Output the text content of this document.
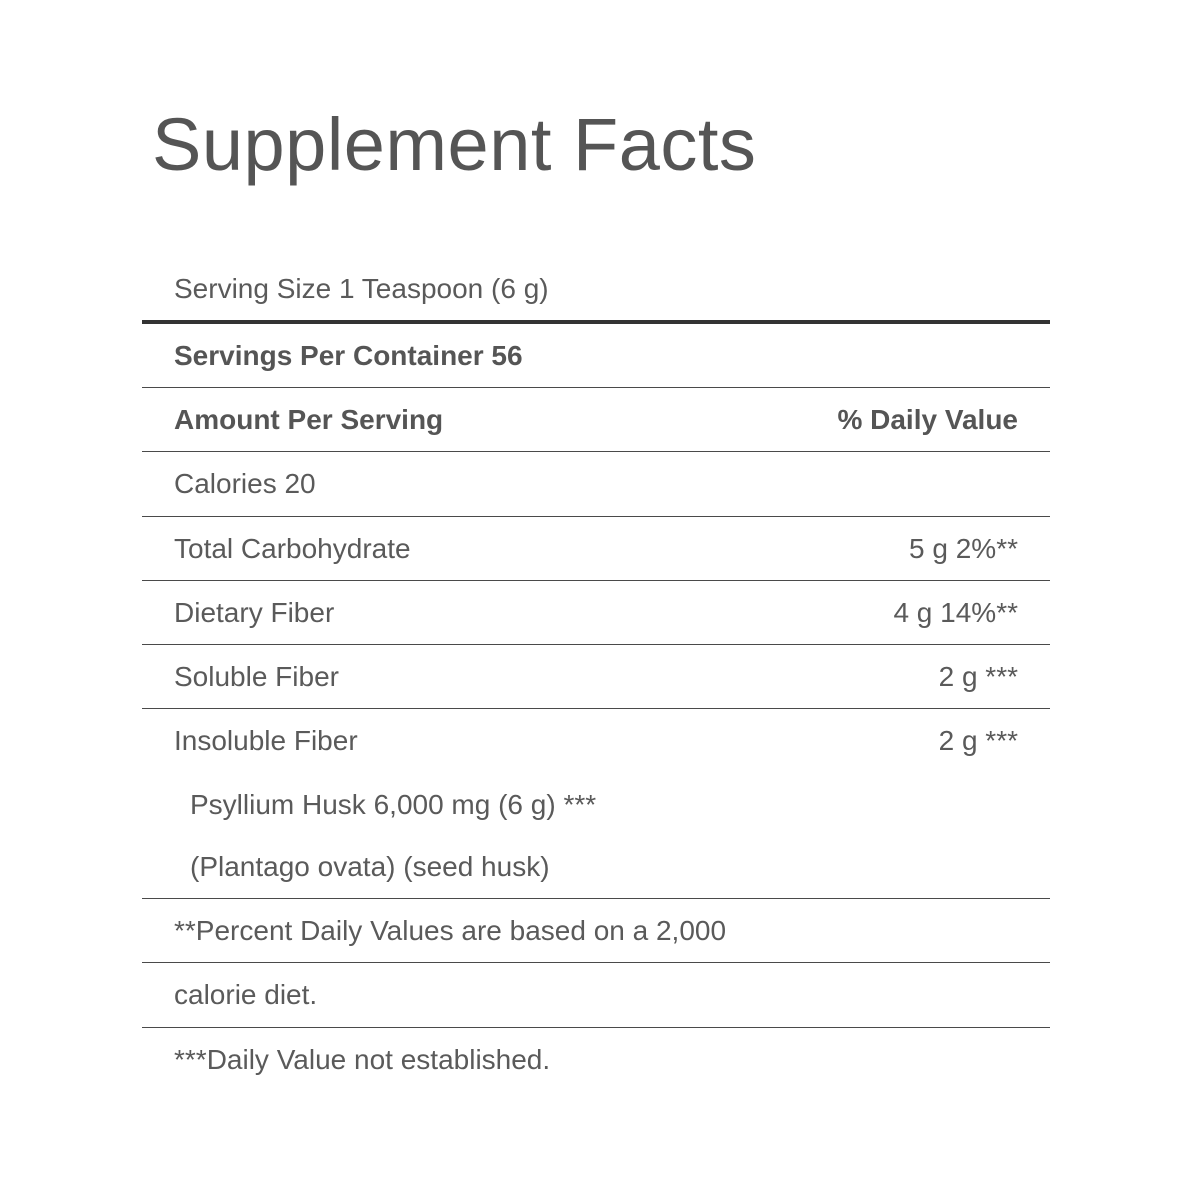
Supplement Facts
Serving Size 1 Teaspoon (6 g)
Servings Per Container 56
Amount Per Serving	% Daily Value
Calories 20
Total Carbohydrate	5 g 2%**
Dietary Fiber	4 g 14%**
Soluble Fiber	2 g ***
Insoluble Fiber	2 g ***
Psyllium Husk 6,000 mg (6 g) ***
(Plantago ovata) (seed husk)
**Percent Daily Values are based on a 2,000
calorie diet.
***Daily Value not established.
